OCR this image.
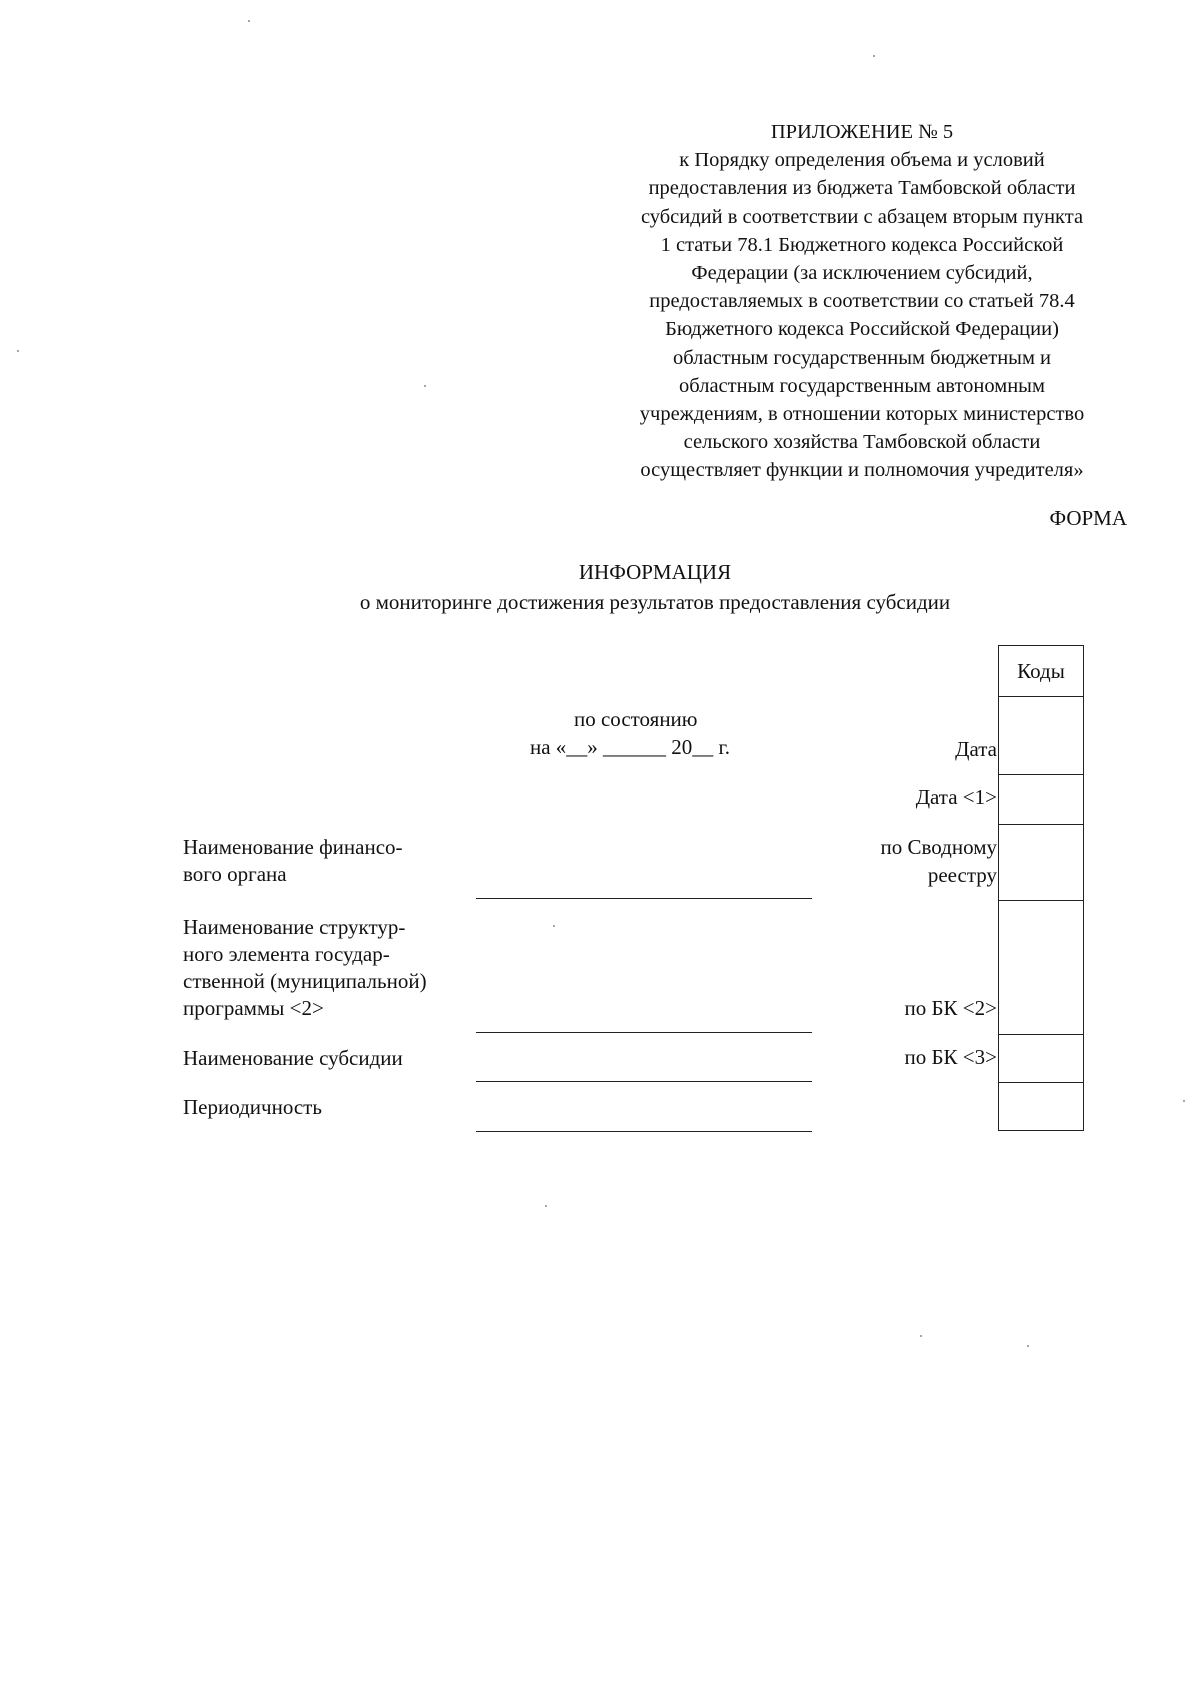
ПРИЛОЖЕНИЕ № 5
к Порядку определения объема и условий
предоставления из бюджета Тамбовской области
субсидий в соответствии с абзацем вторым пункта
1 статьи 78.1 Бюджетного кодекса Российской
Федерации (за исключением субсидий,
предоставляемых в соответствии со статьей 78.4
Бюджетного кодекса Российской Федерации)
областным государственным бюджетным и
областным государственным автономным
учреждениям, в отношении которых министерство
сельского хозяйства Тамбовской области
осуществляет функции и полномочия учредителя»
ФОРМА
ИНФОРМАЦИЯ
о мониторинге достижения результатов предоставления субсидии
по состоянию
на «__» ______ 20__ г.
Коды
Дата
Дата <1>
по Сводному
реестру
по БК <2>
по БК <3>
Наименование финансо-
вого органа
Наименование структур-
ного элемента государ-
ственной (муниципальной)
программы <2>
Наименование субсидии
Периодичность
